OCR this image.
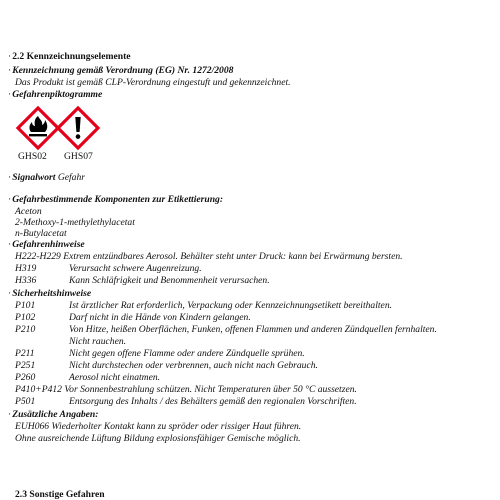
·2.2 Kennzeichnungselemente
·Kennzeichnung gemäß Verordnung (EG) Nr. 1272/2008
Das Produkt ist gemäß CLP-Verordnung eingestuft und gekennzeichnet.
·Gefahrenpiktogramme
GHS02 GHS07
·Signalwort Gefahr
·Gefahrbestimmende Komponenten zur Etikettierung:
Aceton
2-Methoxy-1-methylethylacetat
n-Butylacetat
·Gefahrenhinweise
H222-H229 Extrem entzündbares Aerosol. Behälter steht unter Druck: kann bei Erwärmung bersten.
H319	Verursacht schwere Augenreizung.
H336	Kann Schläfrigkeit und Benommenheit verursachen.
·Sicherheitshinweise
P101	Ist ärztlicher Rat erforderlich, Verpackung oder Kennzeichnungsetikett bereithalten.
P102	Darf nicht in die Hände von Kindern gelangen.
P210	Von Hitze, heißen Oberflächen, Funken, offenen Flammen und anderen Zündquellen fernhalten.
Nicht rauchen.
P211	Nicht gegen offene Flamme oder andere Zündquelle sprühen.
P251	Nicht durchstechen oder verbrennen, auch nicht nach Gebrauch.
P260	Aerosol nicht einatmen.
P410+P412 Vor Sonnenbestrahlung schützen. Nicht Temperaturen über 50 °C aussetzen.
P501	Entsorgung des Inhalts / des Behälters gemäß den regionalen Vorschriften.
·Zusätzliche Angaben:
EUH066 Wiederholter Kontakt kann zu spröder oder rissiger Haut führen.
Ohne ausreichende Lüftung Bildung explosionsfähiger Gemische möglich.
2.3 Sonstige Gefahren
